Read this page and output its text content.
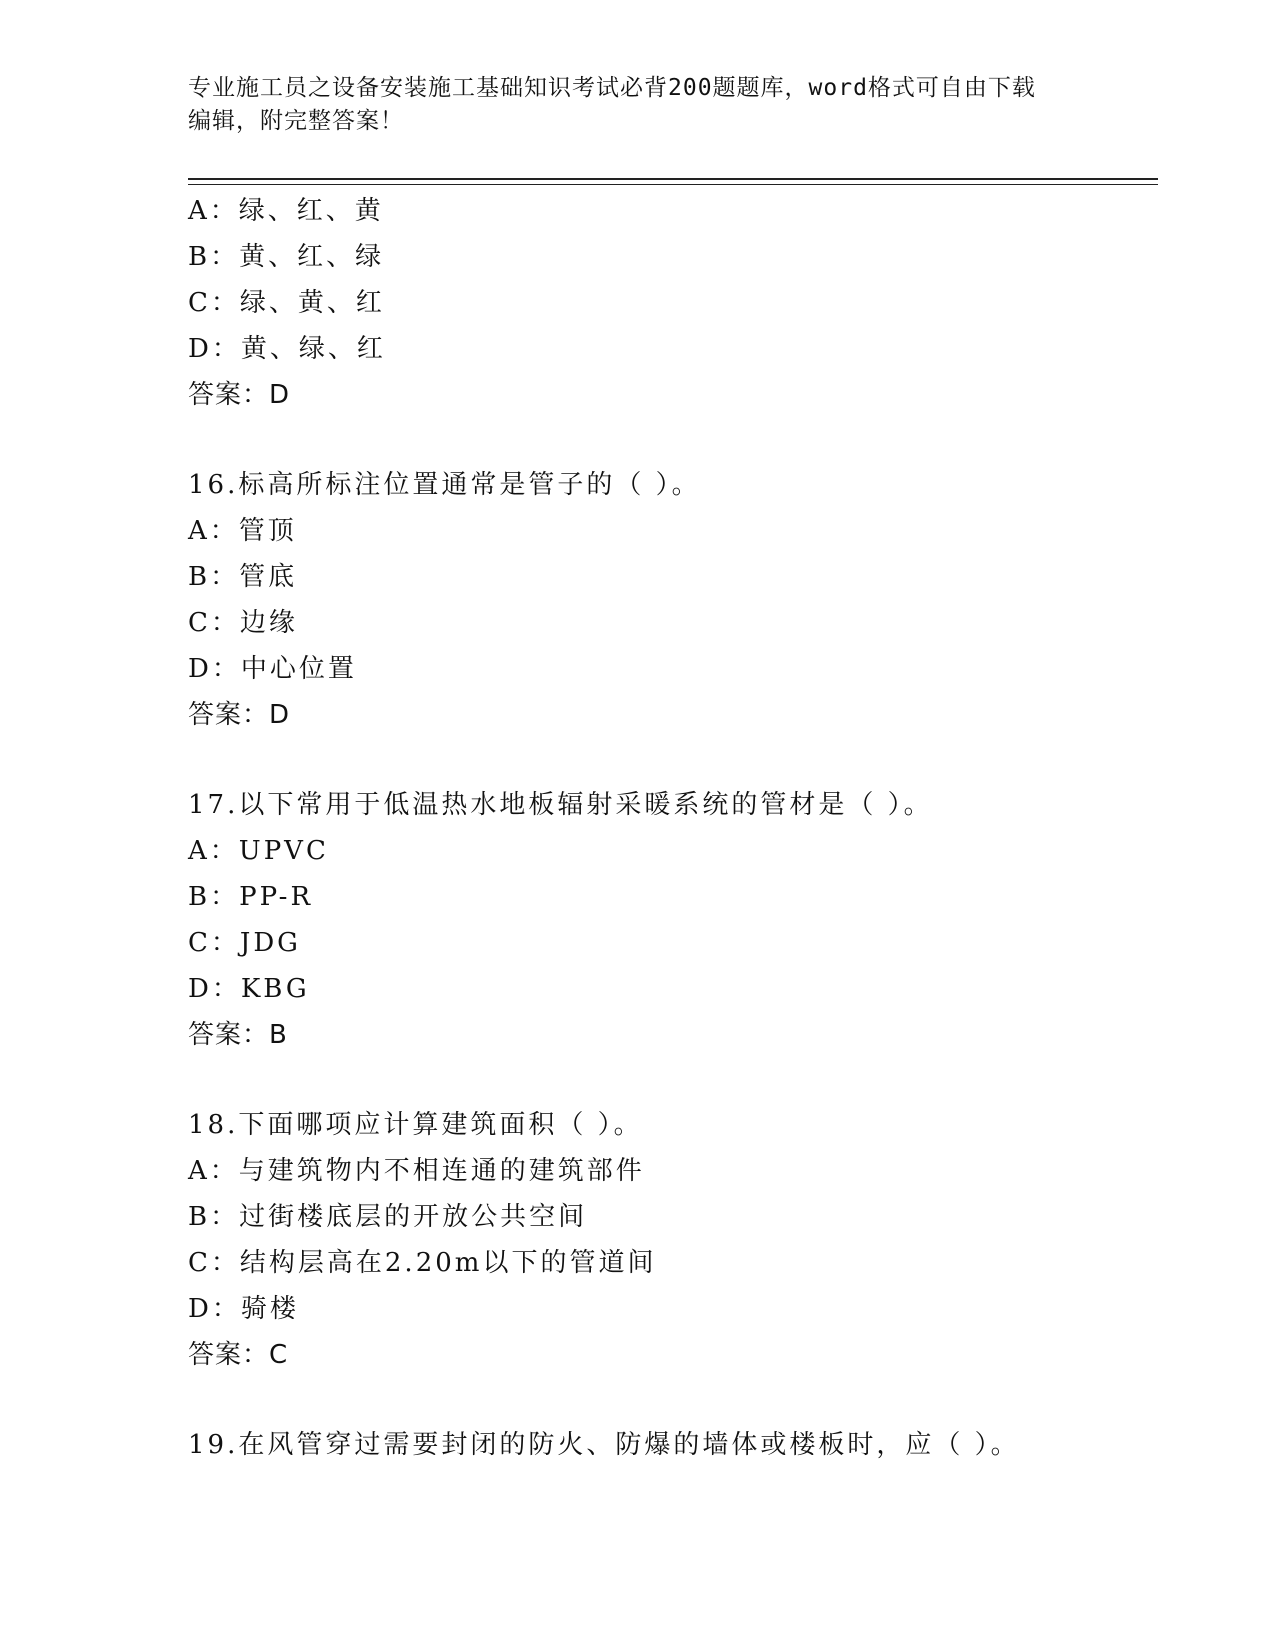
专业施工员之设备安装施工基础知识考试必背200题题库，word格式可自由下载
编辑，附完整答案！
A：绿、红、黄
B：黄、红、绿
C：绿、黄、红
D：黄、绿、红
答案：D
16.标高所标注位置通常是管子的（ ）。
A：管顶
B：管底
C：边缘
D：中心位置
答案：D
17.以下常用于低温热水地板辐射采暖系统的管材是（ ）。
A：UPVC
B：PP-R
C：JDG
D：KBG
答案：B
18.下面哪项应计算建筑面积（ ）。
A：与建筑物内不相连通的建筑部件
B：过街楼底层的开放公共空间
C：结构层高在2.20m以下的管道间
D：骑楼
答案：C
19.在风管穿过需要封闭的防火、防爆的墙体或楼板时，应（ ）。
